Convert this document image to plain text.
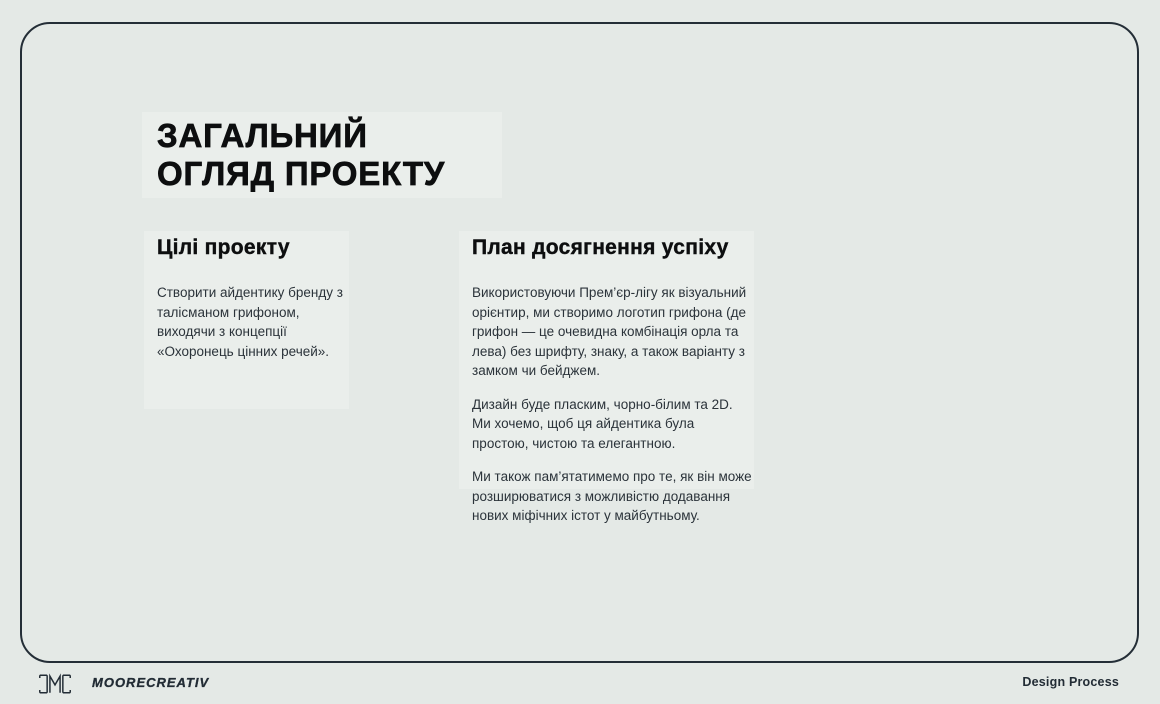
ЗАГАЛЬНИЙ
ОГЛЯД ПРОЕКТУ
Цілі проекту

Створити айдентику бренду з талісманом грифоном, виходячи з концепції «Охоронець цінних речей».

План досягнення успіху

Використовуючи Прем’єр-лігу як візуальний орієнтир, ми створимо логотип грифона (де грифон — це очевидна комбінація орла та лева) без шрифту, знаку, а також варіанту з замком чи бейджем.

Дизайн буде пласким, чорно-білим та 2D. Ми хочемо, щоб ця айдентика була простою, чистою та елегантною.

Ми також пам’ятатимемо про те, як він може розширюватися з можливістю додавання нових міфічних істот у майбутньому.

MOORECREATIV	Design Process
